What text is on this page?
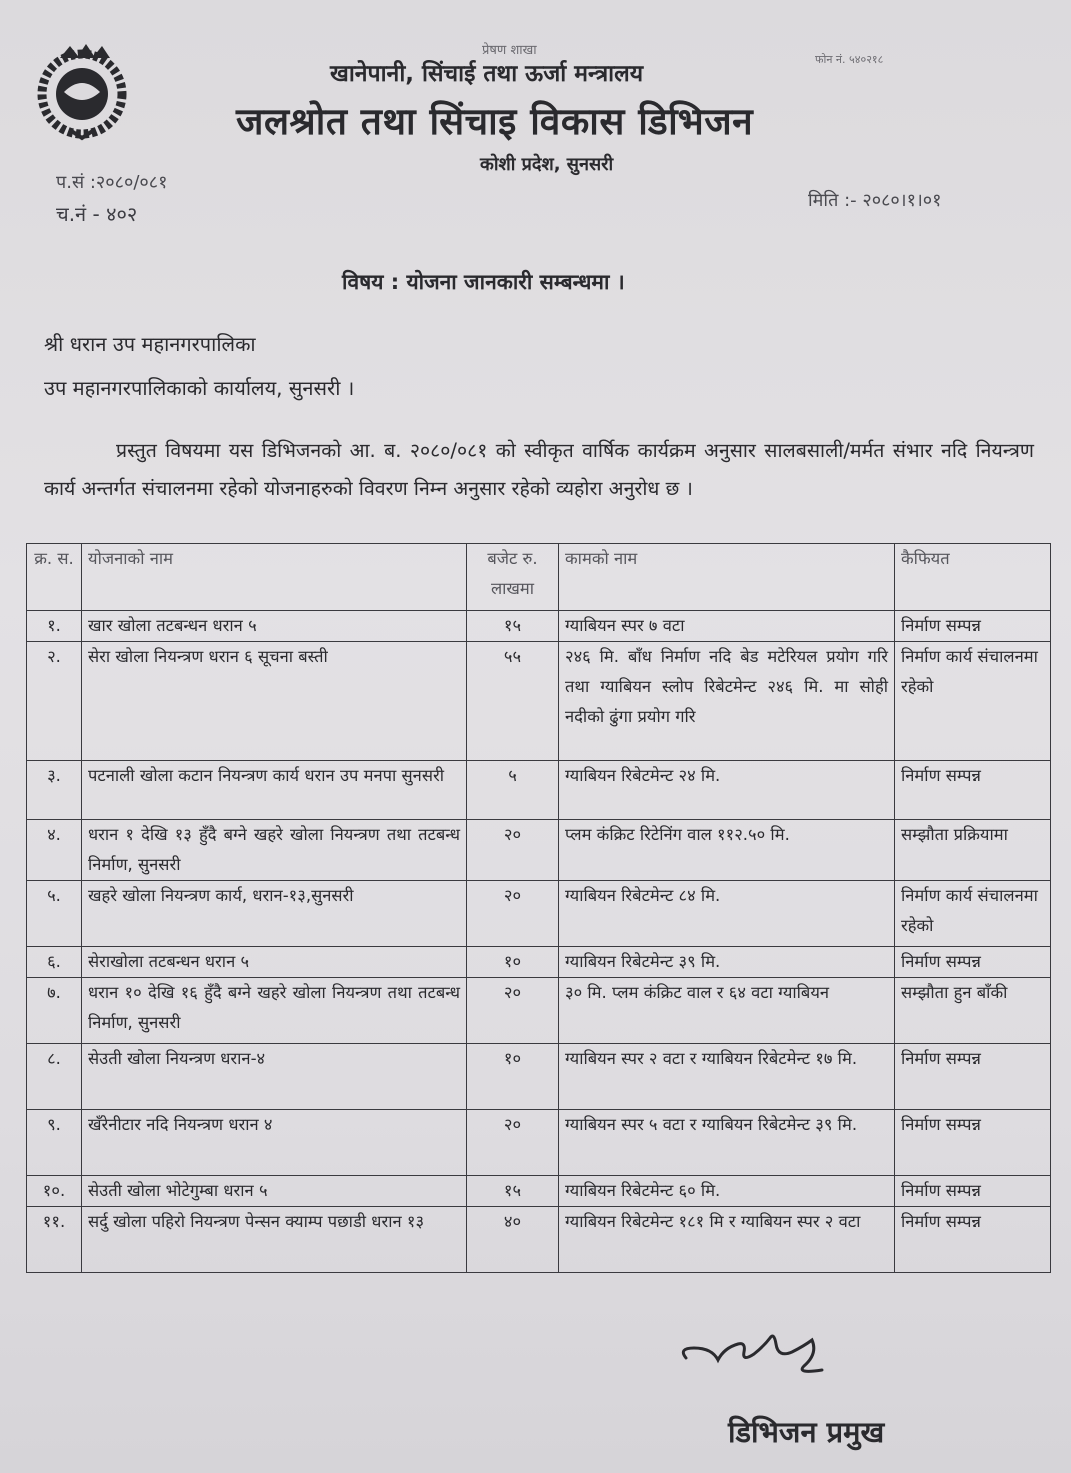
प्रेषण शाखा
फोन नं. ५४०२१८
खानेपानी, सिंचाई तथा ऊर्जा मन्त्रालय
जलश्रोत तथा सिंचाइ विकास डिभिजन
कोशी प्रदेश, सुनसरी
प.सं :२०८०/०८१
च.नं - ४०२
मिति :- २०८०।१।०१
विषय : योजना जानकारी सम्बन्धमा ।
श्री धरान उप महानगरपालिका
उप महानगरपालिकाको कार्यालय, सुनसरी ।
प्रस्तुत विषयमा यस डिभिजनको आ. ब. २०८०/०८१ को स्वीकृत वार्षिक कार्यक्रम अनुसार सालबसाली/मर्मत संभार नदि नियन्त्रण कार्य अन्तर्गत संचालनमा रहेको योजनाहरुको विवरण निम्न अनुसार रहेको व्यहोरा अनुरोध छ ।
क्र. स.	योजनाको नाम	बजेट रु. लाखमा	कामको नाम	कैफियत
१.	खार खोला तटबन्धन धरान ५	१५	ग्याबियन स्पर ७ वटा	निर्माण सम्पन्न
२.	सेरा खोला नियन्त्रण धरान ६ सूचना बस्ती	५५	२४६ मि. बाँध निर्माण नदि बेड मटेरियल प्रयोग गरि तथा ग्याबियन स्लोप रिबेटमेन्ट २४६ मि. मा सोही नदीको ढुंगा प्रयोग गरि	निर्माण कार्य संचालनमा रहेको
३.	पटनाली खोला कटान नियन्त्रण कार्य धरान उप मनपा सुनसरी	५	ग्याबियन रिबेटमेन्ट २४ मि.	निर्माण सम्पन्न
४.	धरान १ देखि १३ हुँदै बग्ने खहरे खोला नियन्त्रण तथा तटबन्ध निर्माण, सुनसरी	२०	प्लम कंक्रिट रिटेनिंग वाल ११२.५० मि.	सम्झौता प्रक्रियामा
५.	खहरे खोला नियन्त्रण कार्य, धरान-१३,सुनसरी	२०	ग्याबियन रिबेटमेन्ट ८४ मि.	निर्माण कार्य संचालनमा रहेको
६.	सेराखोला तटबन्धन धरान ५	१०	ग्याबियन रिबेटमेन्ट ३९ मि.	निर्माण सम्पन्न
७.	धरान १० देखि १६ हुँदै बग्ने खहरे खोला नियन्त्रण तथा तटबन्ध निर्माण, सुनसरी	२०	३० मि. प्लम कंक्रिट वाल र ६४ वटा ग्याबियन	सम्झौता हुन बाँकी
८.	सेउती खोला नियन्त्रण धरान-४	१०	ग्याबियन स्पर २ वटा र ग्याबियन रिबेटमेन्ट १७ मि.	निर्माण सम्पन्न
९.	खँरेनीटार नदि नियन्त्रण धरान ४	२०	ग्याबियन स्पर ५ वटा र ग्याबियन रिबेटमेन्ट ३९ मि.	निर्माण सम्पन्न
१०.	सेउती खोला भोटेगुम्बा धरान ५	१५	ग्याबियन रिबेटमेन्ट ६० मि.	निर्माण सम्पन्न
११.	सर्दु खोला पहिरो नियन्त्रण पेन्सन क्याम्प पछाडी धरान १३	४०	ग्याबियन रिबेटमेन्ट १८१ मि र ग्याबियन स्पर २ वटा	निर्माण सम्पन्न
डिभिजन प्रमुख
